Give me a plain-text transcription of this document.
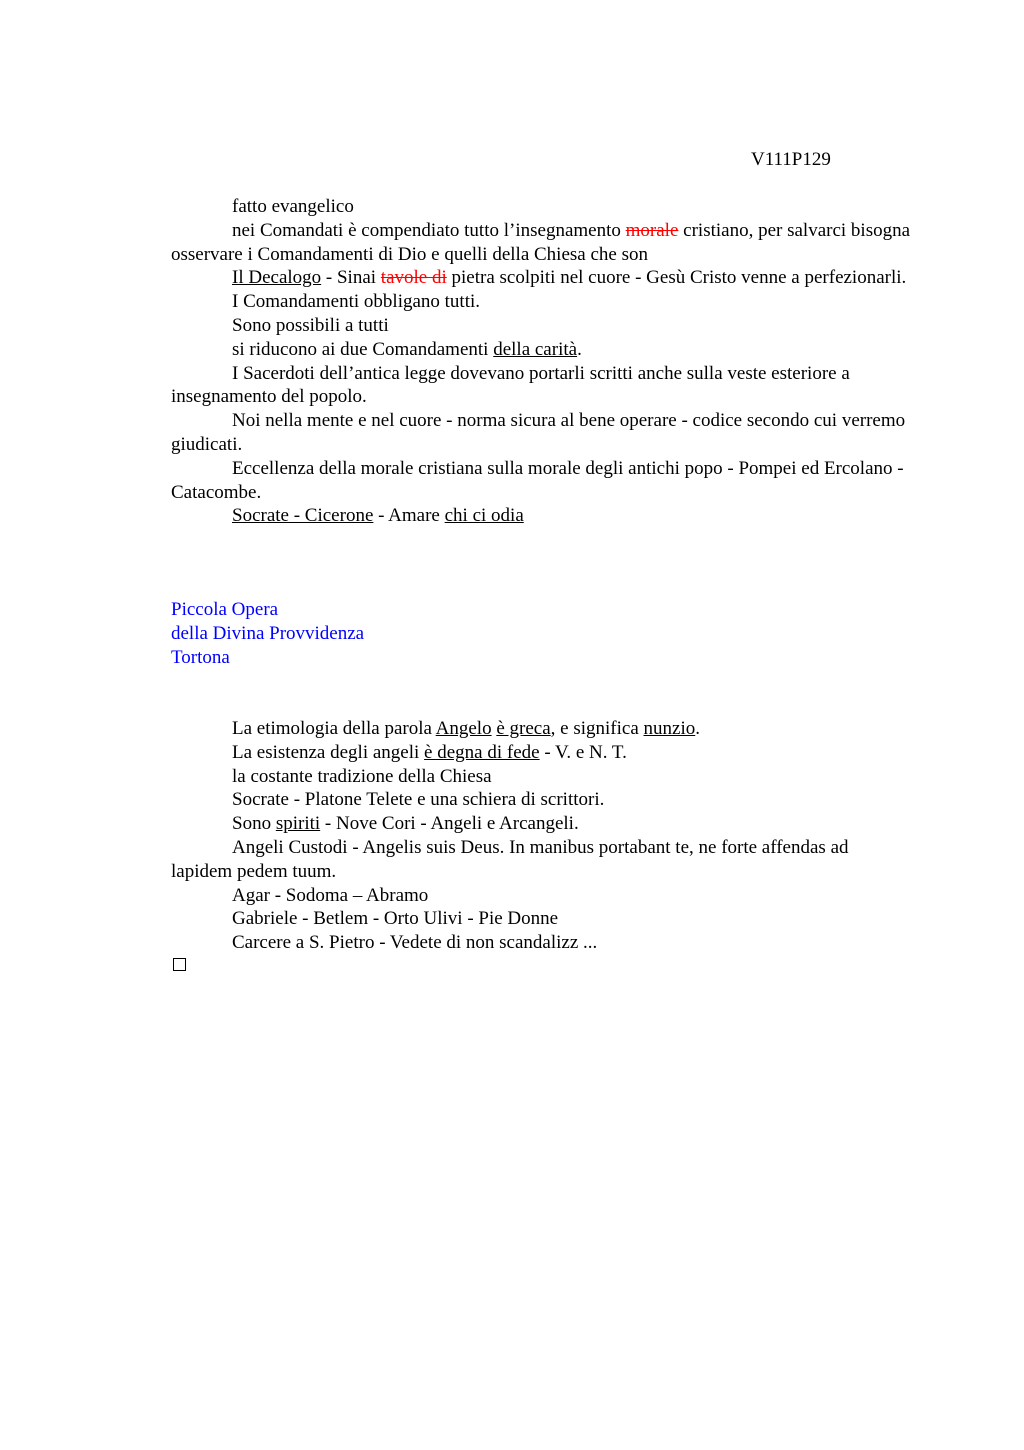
V111P129

fatto evangelico

nei Comandati è compendiato tutto l’insegnamento morale cristiano, per salvarci bisogna osservare i Comandamenti di Dio e quelli della Chiesa che son

Il Decalogo - Sinai tavole di pietra scolpiti nel cuore - Gesù Cristo venne a perfezionarli.

I Comandamenti obbligano tutti.

Sono possibili a tutti

si riducono ai due Comandamenti della carità.

I Sacerdoti dell’antica legge dovevano portarli scritti anche sulla veste esteriore a insegnamento del popolo.

Noi nella mente e nel cuore - norma sicura al bene operare - codice secondo cui verremo giudicati.

Eccellenza della morale cristiana sulla morale degli antichi popo - Pompei ed Ercolano - Catacombe.

Socrate - Cicerone - Amare chi ci odia

Piccola Opera

della Divina Provvidenza

Tortona

La etimologia della parola Angelo è greca, e significa nunzio.

La esistenza degli angeli è degna di fede - V. e N. T.

la costante tradizione della Chiesa

Socrate - Platone Telete e una schiera di scrittori.

Sono spiriti - Nove Cori - Angeli e Arcangeli.

Angeli Custodi - Angelis suis Deus. In manibus portabant te, ne forte affendas ad lapidem pedem tuum.

Agar - Sodoma – Abramo

Gabriele - Betlem - Orto Ulivi - Pie Donne

Carcere a S. Pietro - Vedete di non scandalizz ...
